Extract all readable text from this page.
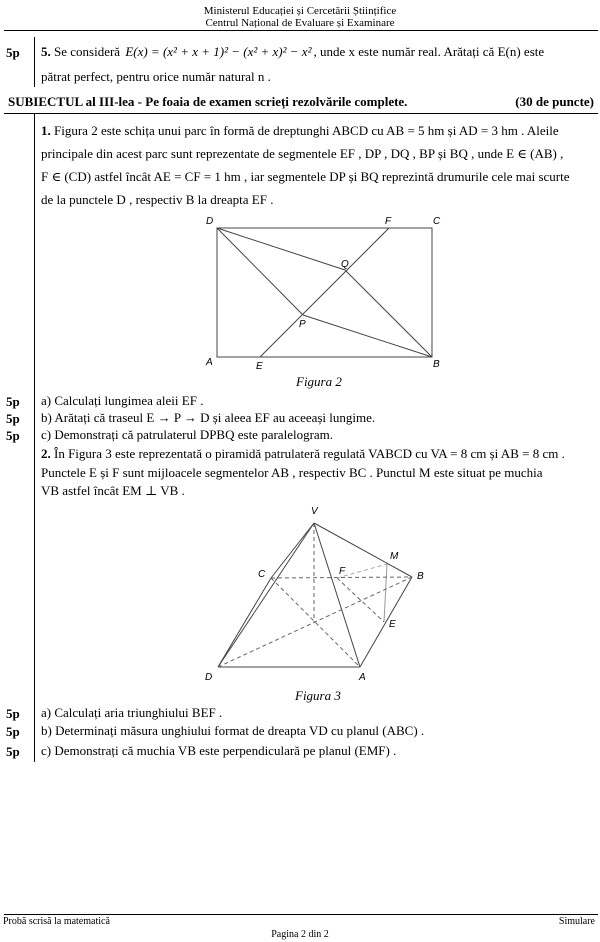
Ministerul Educației și Cercetării Științifice
Centrul Național de Evaluare și Examinare
5p 5. Se consideră E(x) = (x² + x + 1)² − (x² + x)² − x² , unde x este număr real. Arătați că E(n) este
pătrat perfect, pentru orice număr natural n .
SUBIECTUL al III-lea - Pe foaia de examen scrieți rezolvările complete.	(30 de puncte)
1. Figura 2 este schița unui parc în formă de dreptunghi ABCD cu AB = 5 hm și AD = 3 hm . Aleile
principale din acest parc sunt reprezentate de segmentele EF , DP , DQ , BP și BQ , unde E ∈ (AB) ,
F ∈ (CD) astfel încât AE = CF = 1 hm , iar segmentele DP și BQ reprezintă drumurile cele mai scurte
de la punctele D , respectiv B la dreapta EF .
D	F	C
Q
P
A	E	B
Figura 2
5p a) Calculați lungimea aleii EF .
5p b) Arătați că traseul E → P → D și aleea EF au aceeași lungime.
5p c) Demonstrați că patrulaterul DPBQ este paralelogram.
2. În Figura 3 este reprezentată o piramidă patrulateră regulată VABCD cu VA = 8 cm și AB = 8 cm .
Punctele E și F sunt mijloacele segmentelor AB , respectiv BC . Punctul M este situat pe muchia
VB astfel încât EM ⊥ VB .
V
C	F
M
B
E
D	A
Figura 3
5p a) Calculați aria triunghiului BEF .
5p b) Determinați măsura unghiului format de dreapta VD cu planul (ABC) .
5p c) Demonstrați că muchia VB este perpendiculară pe planul (EMF) .
Probă scrisă la matematică	Simulare
Pagina 2 din 2
